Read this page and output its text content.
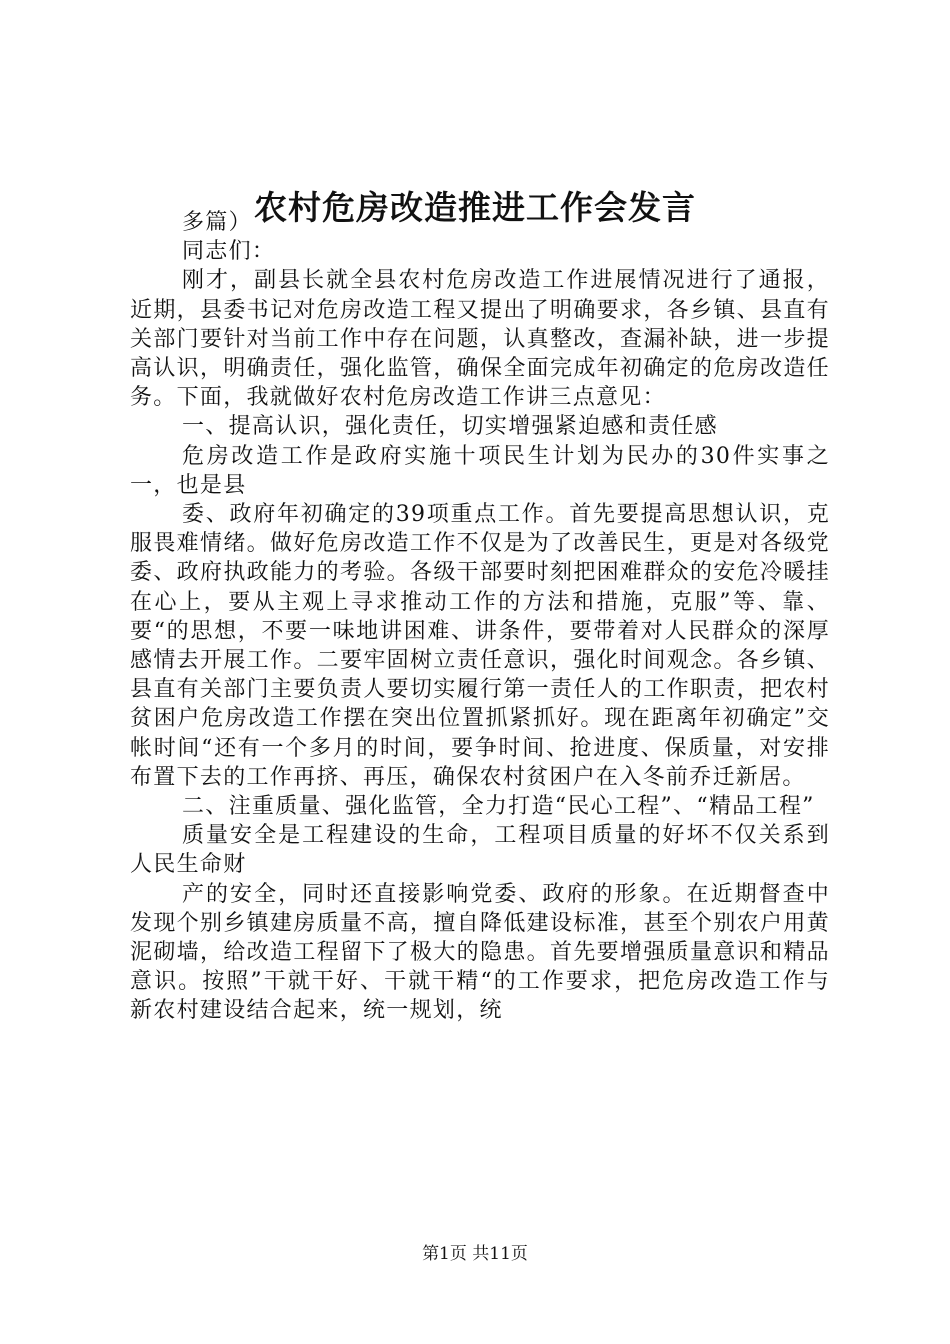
农村危房改造推进工作会发言

多篇）

同志们：

刚才，副县长就全县农村危房改造工作进展情况进行了通报，近期，县委书记对危房改造工程又提出了明确要求，各乡镇、县直有关部门要针对当前工作中存在问题，认真整改，查漏补缺，进一步提高认识，明确责任，强化监管，确保全面完成年初确定的危房改造任务。下面，我就做好农村危房改造工作讲三点意见：

一、提高认识，强化责任，切实增强紧迫感和责任感

危房改造工作是政府实施十项民生计划为民办的30件实事之一，也是县

委、政府年初确定的39项重点工作。首先要提高思想认识，克服畏难情绪。做好危房改造工作不仅是为了改善民生，更是对各级党委、政府执政能力的考验。各级干部要时刻把困难群众的安危冷暖挂在心上，要从主观上寻求推动工作的方法和措施，克服”等、靠、要“的思想，不要一味地讲困难、讲条件，要带着对人民群众的深厚感情去开展工作。二要牢固树立责任意识，强化时间观念。各乡镇、县直有关部门主要负责人要切实履行第一责任人的工作职责，把农村贫困户危房改造工作摆在突出位置抓紧抓好。现在距离年初确定”交帐时间“还有一个多月的时间，要争时间、抢进度、保质量，对安排布置下去的工作再挤、再压，确保农村贫困户在入冬前乔迁新居。

二、注重质量、强化监管，全力打造“民心工程”、“精品工程”

质量安全是工程建设的生命，工程项目质量的好坏不仅关系到人民生命财

产的安全，同时还直接影响党委、政府的形象。在近期督查中发现个别乡镇建房质量不高，擅自降低建设标准，甚至个别农户用黄泥砌墙，给改造工程留下了极大的隐患。首先要增强质量意识和精品意识。按照”干就干好、干就干精“的工作要求，把危房改造工作与新农村建设结合起来，统一规划，统

第1页 共11页
